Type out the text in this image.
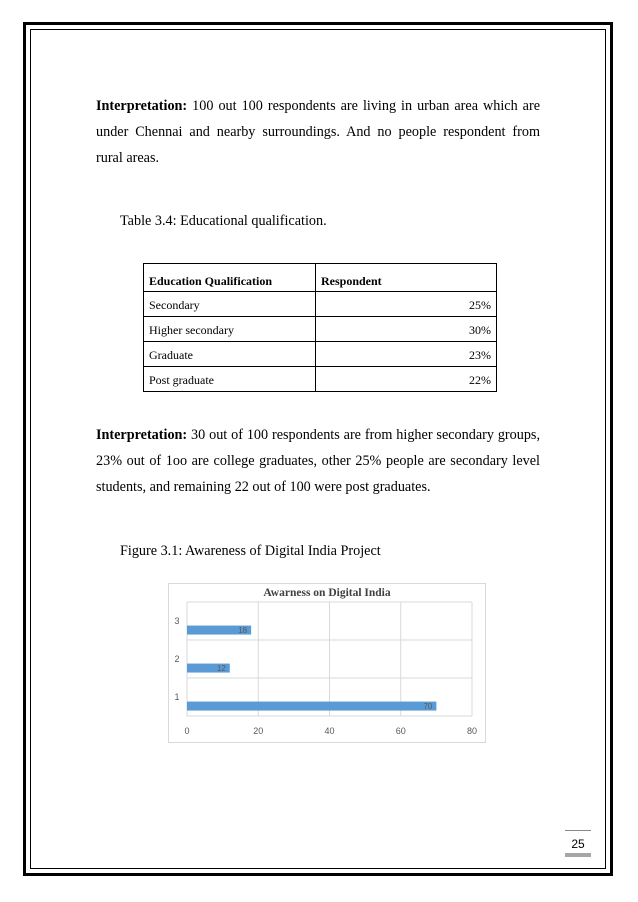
Interpretation: 100 out 100 respondents are living in urban area which are under Chennai and nearby surroundings. And no people respondent from rural areas.
Table 3.4: Educational qualification.
Education Qualification	Respondent
Secondary	25%
Higher secondary	30%
Graduate	23%
Post graduate	22%
Interpretation: 30 out of 100 respondents are from higher secondary groups, 23% out of 1oo are college graduates, other 25% people are secondary level students, and remaining 22 out of 100 were post graduates.
Figure 3.1: Awareness of Digital India Project
Awarness on Digital India
0	20	40	60	80
70
1
12
2
18
3
25
